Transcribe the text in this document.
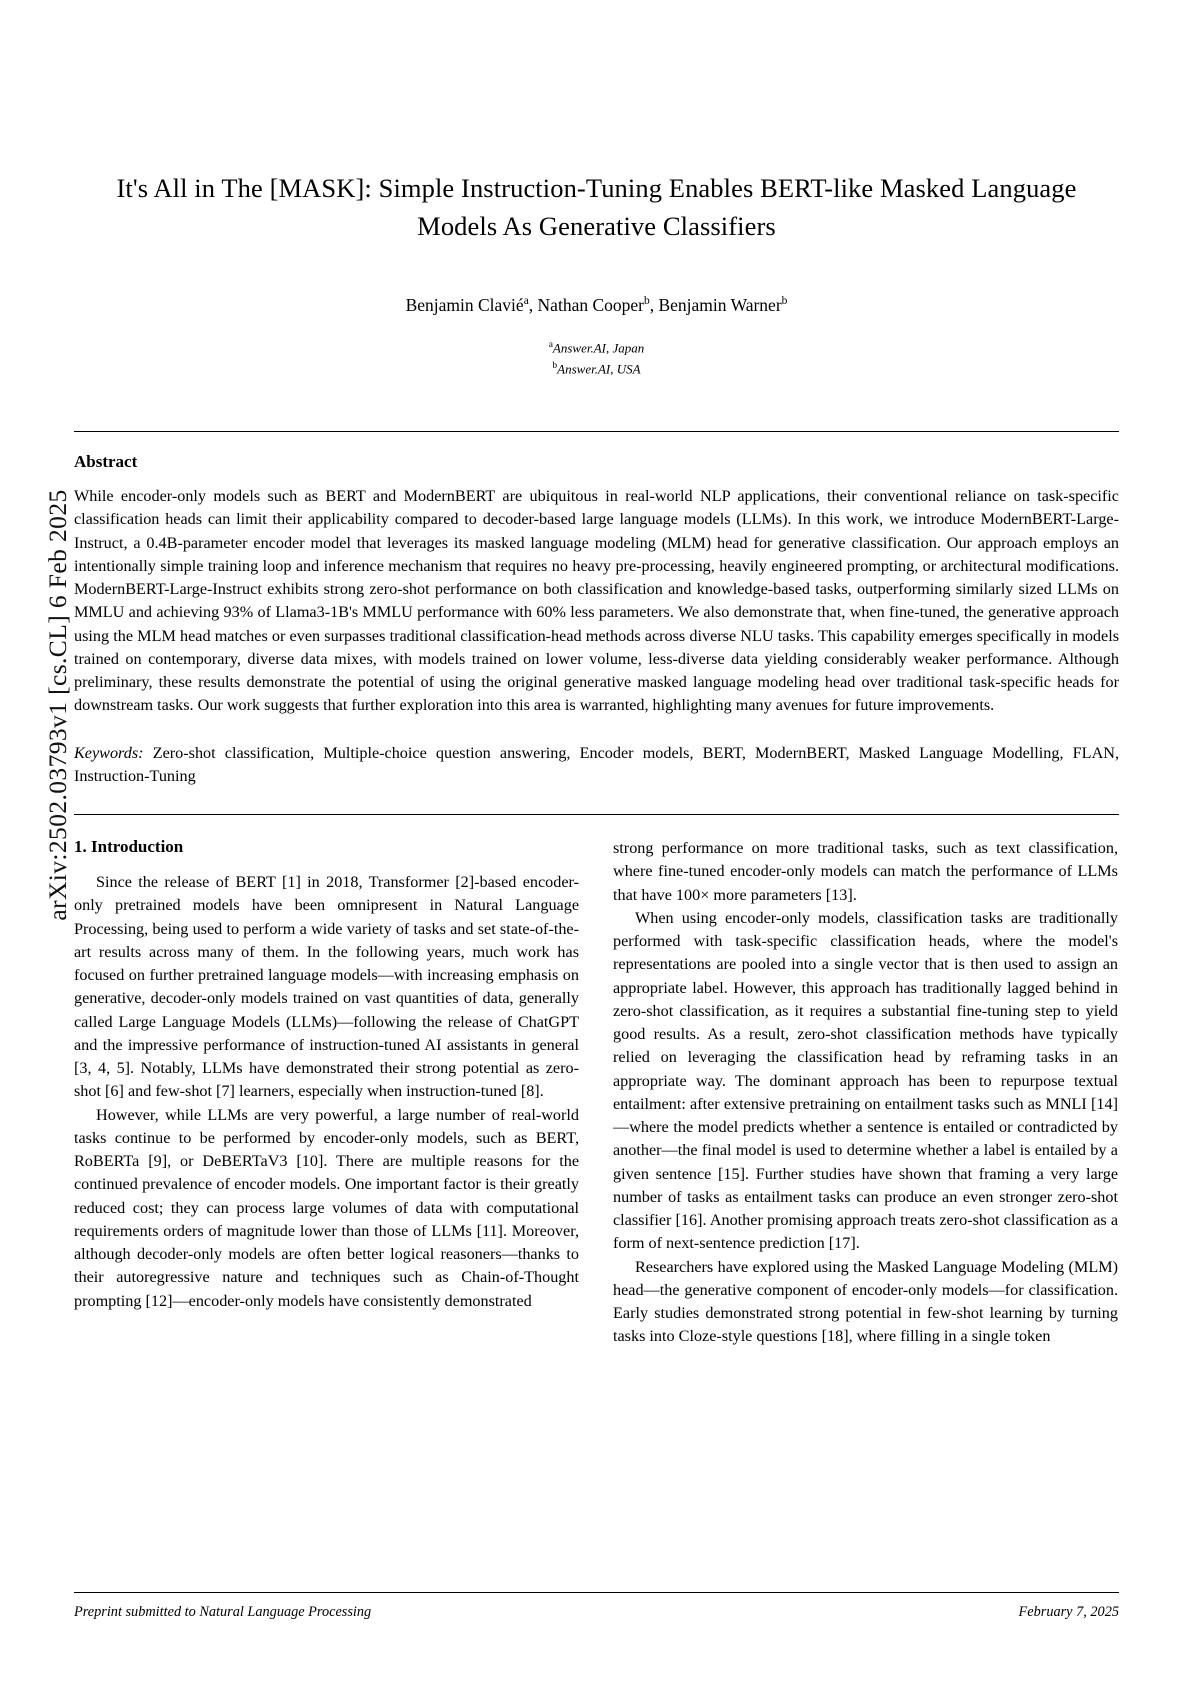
arXiv:2502.03793v1 [cs.CL] 6 Feb 2025
It's All in The [MASK]: Simple Instruction-Tuning Enables BERT-like Masked Language Models As Generative Classifiers
Benjamin Clavié$^a$, Nathan Cooper$^b$, Benjamin Warner$^b$
$^a$Answer.AI, Japan
$^b$Answer.AI, USA
Abstract
While encoder-only models such as BERT and ModernBERT are ubiquitous in real-world NLP applications, their conventional reliance on task-specific classification heads can limit their applicability compared to decoder-based large language models (LLMs). In this work, we introduce ModernBERT-Large-Instruct, a 0.4B-parameter encoder model that leverages its masked language modeling (MLM) head for generative classification. Our approach employs an intentionally simple training loop and inference mechanism that requires no heavy pre-processing, heavily engineered prompting, or architectural modifications. ModernBERT-Large-Instruct exhibits strong zero-shot performance on both classification and knowledge-based tasks, outperforming similarly sized LLMs on MMLU and achieving 93% of Llama3-1B's MMLU performance with 60% less parameters. We also demonstrate that, when fine-tuned, the generative approach using the MLM head matches or even surpasses traditional classification-head methods across diverse NLU tasks. This capability emerges specifically in models trained on contemporary, diverse data mixes, with models trained on lower volume, less-diverse data yielding considerably weaker performance. Although preliminary, these results demonstrate the potential of using the original generative masked language modeling head over traditional task-specific heads for downstream tasks. Our work suggests that further exploration into this area is warranted, highlighting many avenues for future improvements.
Keywords: Zero-shot classification, Multiple-choice question answering, Encoder models, BERT, ModernBERT, Masked Language Modelling, FLAN, Instruction-Tuning
1. Introduction

Since the release of BERT [1] in 2018, Transformer [2]-based encoder-only pretrained models have been omnipresent in Natural Language Processing, being used to perform a wide variety of tasks and set state-of-the-art results across many of them. In the following years, much work has focused on further pretrained language models—with increasing emphasis on generative, decoder-only models trained on vast quantities of data, generally called Large Language Models (LLMs)—following the release of ChatGPT and the impressive performance of instruction-tuned AI assistants in general [3, 4, 5]. Notably, LLMs have demonstrated their strong potential as zero-shot [6] and few-shot [7] learners, especially when instruction-tuned [8].

However, while LLMs are very powerful, a large number of real-world tasks continue to be performed by encoder-only models, such as BERT, RoBERTa [9], or DeBERTaV3 [10]. There are multiple reasons for the continued prevalence of encoder models. One important factor is their greatly reduced cost; they can process large volumes of data with computational requirements orders of magnitude lower than those of LLMs [11]. Moreover, although decoder-only models are often better logical reasoners—thanks to their autoregressive nature and techniques such as Chain-of-Thought prompting [12]—encoder-only models have consistently demonstrated

strong performance on more traditional tasks, such as text classification, where fine-tuned encoder-only models can match the performance of LLMs that have 100× more parameters [13].

When using encoder-only models, classification tasks are traditionally performed with task-specific classification heads, where the model's representations are pooled into a single vector that is then used to assign an appropriate label. However, this approach has traditionally lagged behind in zero-shot classification, as it requires a substantial fine-tuning step to yield good results. As a result, zero-shot classification methods have typically relied on leveraging the classification head by reframing tasks in an appropriate way. The dominant approach has been to repurpose textual entailment: after extensive pretraining on entailment tasks such as MNLI [14]—where the model predicts whether a sentence is entailed or contradicted by another—the final model is used to determine whether a label is entailed by a given sentence [15]. Further studies have shown that framing a very large number of tasks as entailment tasks can produce an even stronger zero-shot classifier [16]. Another promising approach treats zero-shot classification as a form of next-sentence prediction [17].

Researchers have explored using the Masked Language Modeling (MLM) head—the generative component of encoder-only models—for classification. Early studies demonstrated strong potential in few-shot learning by turning tasks into Cloze-style questions [18], where filling in a single token

Preprint submitted to Natural Language Processing	February 7, 2025
